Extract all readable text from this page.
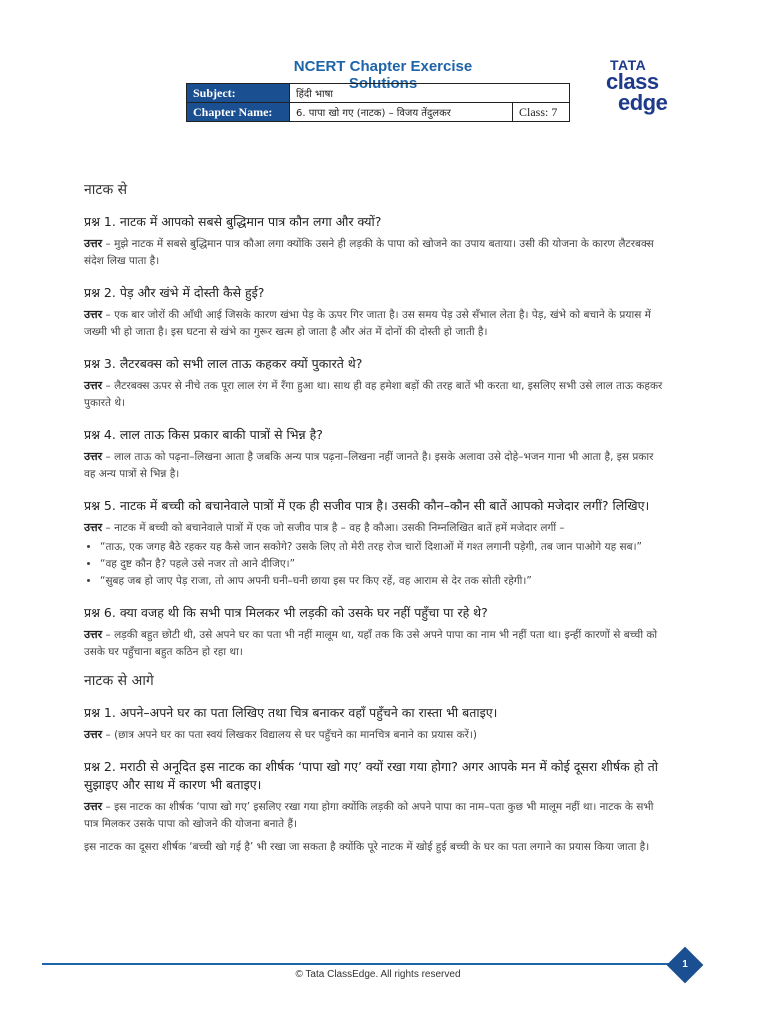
NCERT Chapter Exercise Solutions
TATA
class
edge
Subject:	हिंदी भाषा	
Chapter Name:	6. पापा खो गए (नाटक) – विजय तेंदुलकर	Class: 7
नाटक से
प्रश्न 1. नाटक में आपको सबसे बुद्धिमान पात्र कौन लगा और क्यों?

उत्तर – मुझे नाटक में सबसे बुद्धिमान पात्र कौआ लगा क्योंकि उसने ही लड़की के पापा को खोजने का उपाय बताया। उसी की योजना के कारण लैटरबक्स संदेश लिख पाता है।

प्रश्न 2. पेड़ और खंभे में दोस्ती कैसे हुई?

उत्तर – एक बार जोरों की आँधी आई जिसके कारण खंभा पेड़ के ऊपर गिर जाता है। उस समय पेड़ उसे सँभाल लेता है। पेड़, खंभे को बचाने के प्रयास में जख्मी भी हो जाता है। इस घटना से खंभे का गुरूर खत्म हो जाता है और अंत में दोनों की दोस्ती हो जाती है।

प्रश्न 3. लैटरबक्स को सभी लाल ताऊ कहकर क्यों पुकारते थे?

उत्तर – लैटरबक्स ऊपर से नीचे तक पूरा लाल रंग में रँगा हुआ था। साथ ही वह हमेशा बड़ों की तरह बातें भी करता था, इसलिए सभी उसे लाल ताऊ कहकर पुकारते थे।

प्रश्न 4. लाल ताऊ किस प्रकार बाकी पात्रों से भिन्न है?

उत्तर – लाल ताऊ को पढ़ना–लिखना आता है जबकि अन्य पात्र पढ़ना–लिखना नहीं जानते है। इसके अलावा उसे दोहे–भजन गाना भी आता है, इस प्रकार वह अन्य पात्रों से भिन्न है।

प्रश्न 5. नाटक में बच्ची को बचानेवाले पात्रों में एक ही सजीव पात्र है। उसकी कौन–कौन सी बातें आपको मजेदार लगीं? लिखिए।

उत्तर – नाटक में बच्ची को बचानेवाले पात्रों में एक जो सजीव पात्र है – वह है कौआ। उसकी निम्नलिखित बातें हमें मजेदार लगीं –

• “ताऊ, एक जगह बैठे रहकर यह कैसे जान सकोगे? उसके लिए तो मेरी तरह रोज चारों दिशाओं में गश्त लगानी पड़ेगी, तब जान पाओगे यह सब।”
• “वह दुष्ट कौन है? पहले उसे नजर तो आने दीजिए।”
• “सुबह जब हो जाए पेड़ राजा, तो आप अपनी घनी–घनी छाया इस पर किए रहें, वह आराम से देर तक सोती रहेगी।”
प्रश्न 6. क्या वजह थी कि सभी पात्र मिलकर भी लड़की को उसके घर नहीं पहुँचा पा रहे थे?

उत्तर – लड़की बहुत छोटी थी, उसे अपने घर का पता भी नहीं मालूम था, यहाँ तक कि उसे अपने पापा का नाम भी नहीं पता था। इन्हीं कारणों से बच्ची को उसके घर पहुँचाना बहुत कठिन हो रहा था।

नाटक से आगे
प्रश्न 1. अपने–अपने घर का पता लिखिए तथा चित्र बनाकर वहाँ पहुँचने का रास्ता भी बताइए।

उत्तर – (छात्र अपने घर का पता स्वयं लिखकर विद्यालय से घर पहुँचने का मानचित्र बनाने का प्रयास करें।)

प्रश्न 2. मराठी से अनूदित इस नाटक का शीर्षक ‘पापा खो गए’ क्यों रखा गया होगा? अगर आपके मन में कोई दूसरा शीर्षक हो तो सुझाइए और साथ में कारण भी बताइए।

उत्तर – इस नाटक का शीर्षक ‘पापा खो गए’ इसलिए रखा गया होगा क्योंकि लड़की को अपने पापा का नाम–पता कुछ भी मालूम नहीं था। नाटक के सभी पात्र मिलकर उसके पापा को खोजने की योजना बनाते हैं।

इस नाटक का दूसरा शीर्षक ‘बच्ची खो गई है’ भी रखा जा सकता है क्योंकि पूरे नाटक में खोई हुई बच्ची के घर का पता लगाने का प्रयास किया जाता है।

1
© Tata ClassEdge. All rights reserved
